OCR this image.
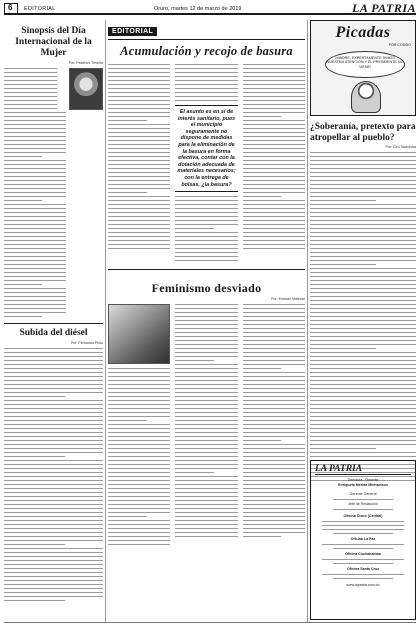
6 EDITORIAL	Oruro, martes 12 de marzo de 2019	LA PATRIA
Sinopsis del Día Internacional de la Mujer
Por: Federico Triveño
Subida del diésel
Por: Fernando Pinto
EDITORIAL
Acumulación y recojo de basura
El asunto es en sí de interés sanitario, pues el municipio seguramente no dispone de medidas para la eliminación de la basura en forma efectiva, contar con la dotación adecuada de materiales necesarios; con la entrega de bolsas, ¿la basura?
Feminismo desviado
Por: Ernesto Malbran
Picadas
POR COSSIO
¡MADRE, EXPERTAMENTE DIMOS NUESTRA ATENCIÓN Y EL PRESIDENTE NO VIENE!
¿Soberanía, pretexto para atropellar al pueblo?
Por: Ciro Saavedra
LA PATRIA
Directora - Gerente
Enriqueta Mérida Michaelson
Gerente General
Jefe de Redacción
Oficina Oruro (Central)
Oficina La Paz
Oficina Cochabamba
Oficina Santa Cruz
www.lapatria.com.bo
